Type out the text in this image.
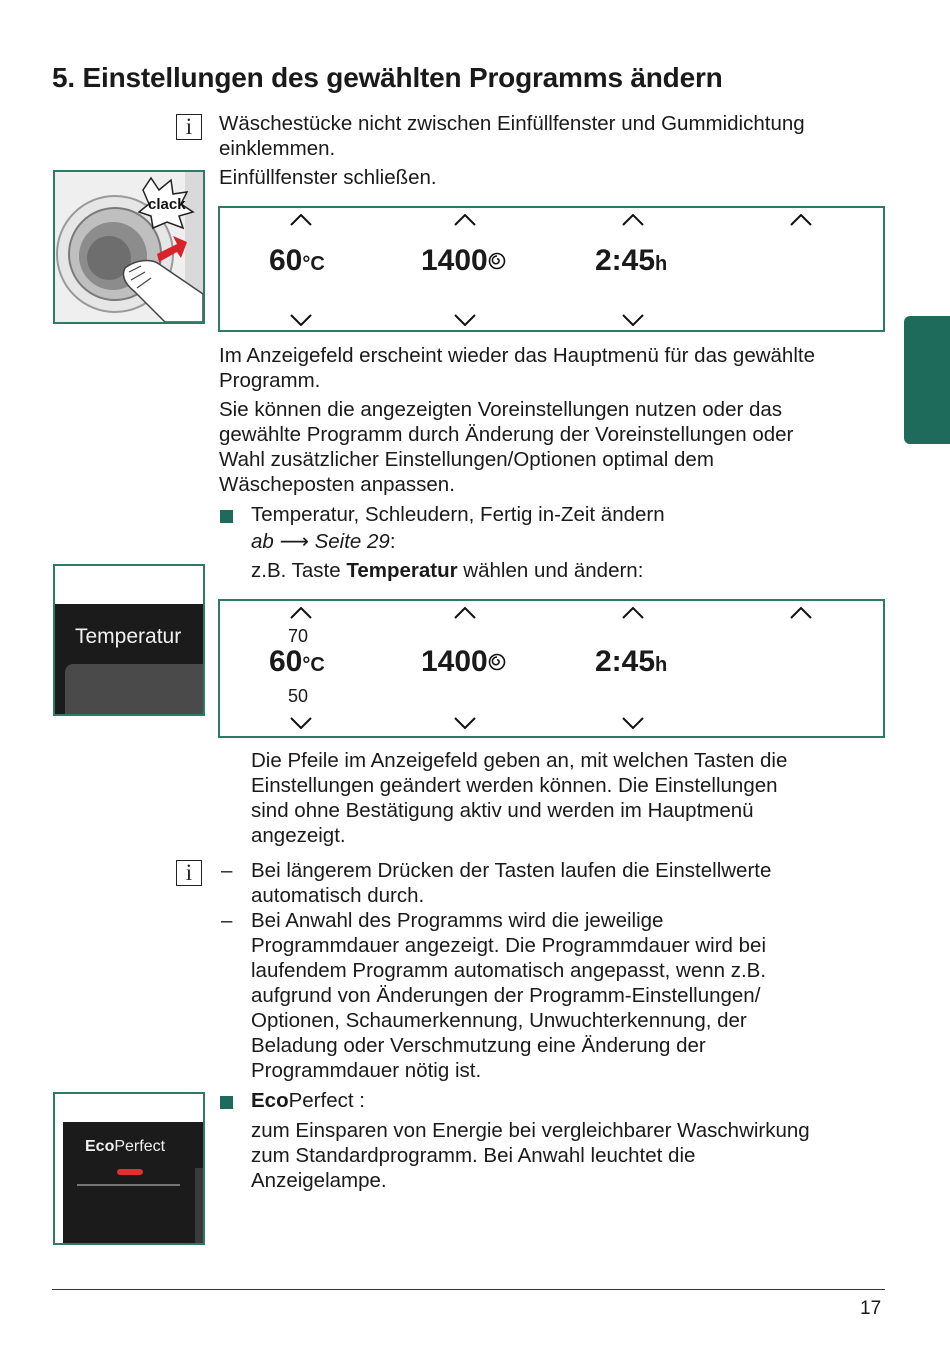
5. Einstellungen des gewählten Programms ändern
i	Wäschestücke nicht zwischen Einfüllfenster und Gummidichtung
einklemmen.
Einfüllfenster schließen.
clack
60°C	1400	2:45h
Im Anzeigefeld erscheint wieder das Hauptmenü für das gewählte
Programm.
Sie können die angezeigten Voreinstellungen nutzen oder das
gewählte Programm durch Änderung der Voreinstellungen oder
Wahl zusätzlicher Einstellungen/Optionen optimal dem
Wäscheposten anpassen.
Temperatur, Schleudern, Fertig in-Zeit ändern
ab ⟶ Seite 29:
z.B. Taste Temperatur wählen und ändern:
Temperatur	70
60°C	1400	2:45h
50
Die Pfeile im Anzeigefeld geben an, mit welchen Tasten die
Einstellungen geändert werden können. Die Einstellungen
sind ohne Bestätigung aktiv und werden im Hauptmenü
angezeigt.
i	– Bei längerem Drücken der Tasten laufen die Einstellwerte
automatisch durch.
– Bei Anwahl des Programms wird die jeweilige
Programmdauer angezeigt. Die Programmdauer wird bei
laufendem Programm automatisch angepasst, wenn z.B.
aufgrund von Änderungen der Programm-Einstellungen/
Optionen, Schaumerkennung, Unwuchterkennung, der
Beladung oder Verschmutzung eine Änderung der
Programmdauer nötig ist.
EcoPerfect
EcoPerfect :
zum Einsparen von Energie bei vergleichbarer Waschwirkung
zum Standardprogramm. Bei Anwahl leuchtet die
Anzeigelampe.
17
